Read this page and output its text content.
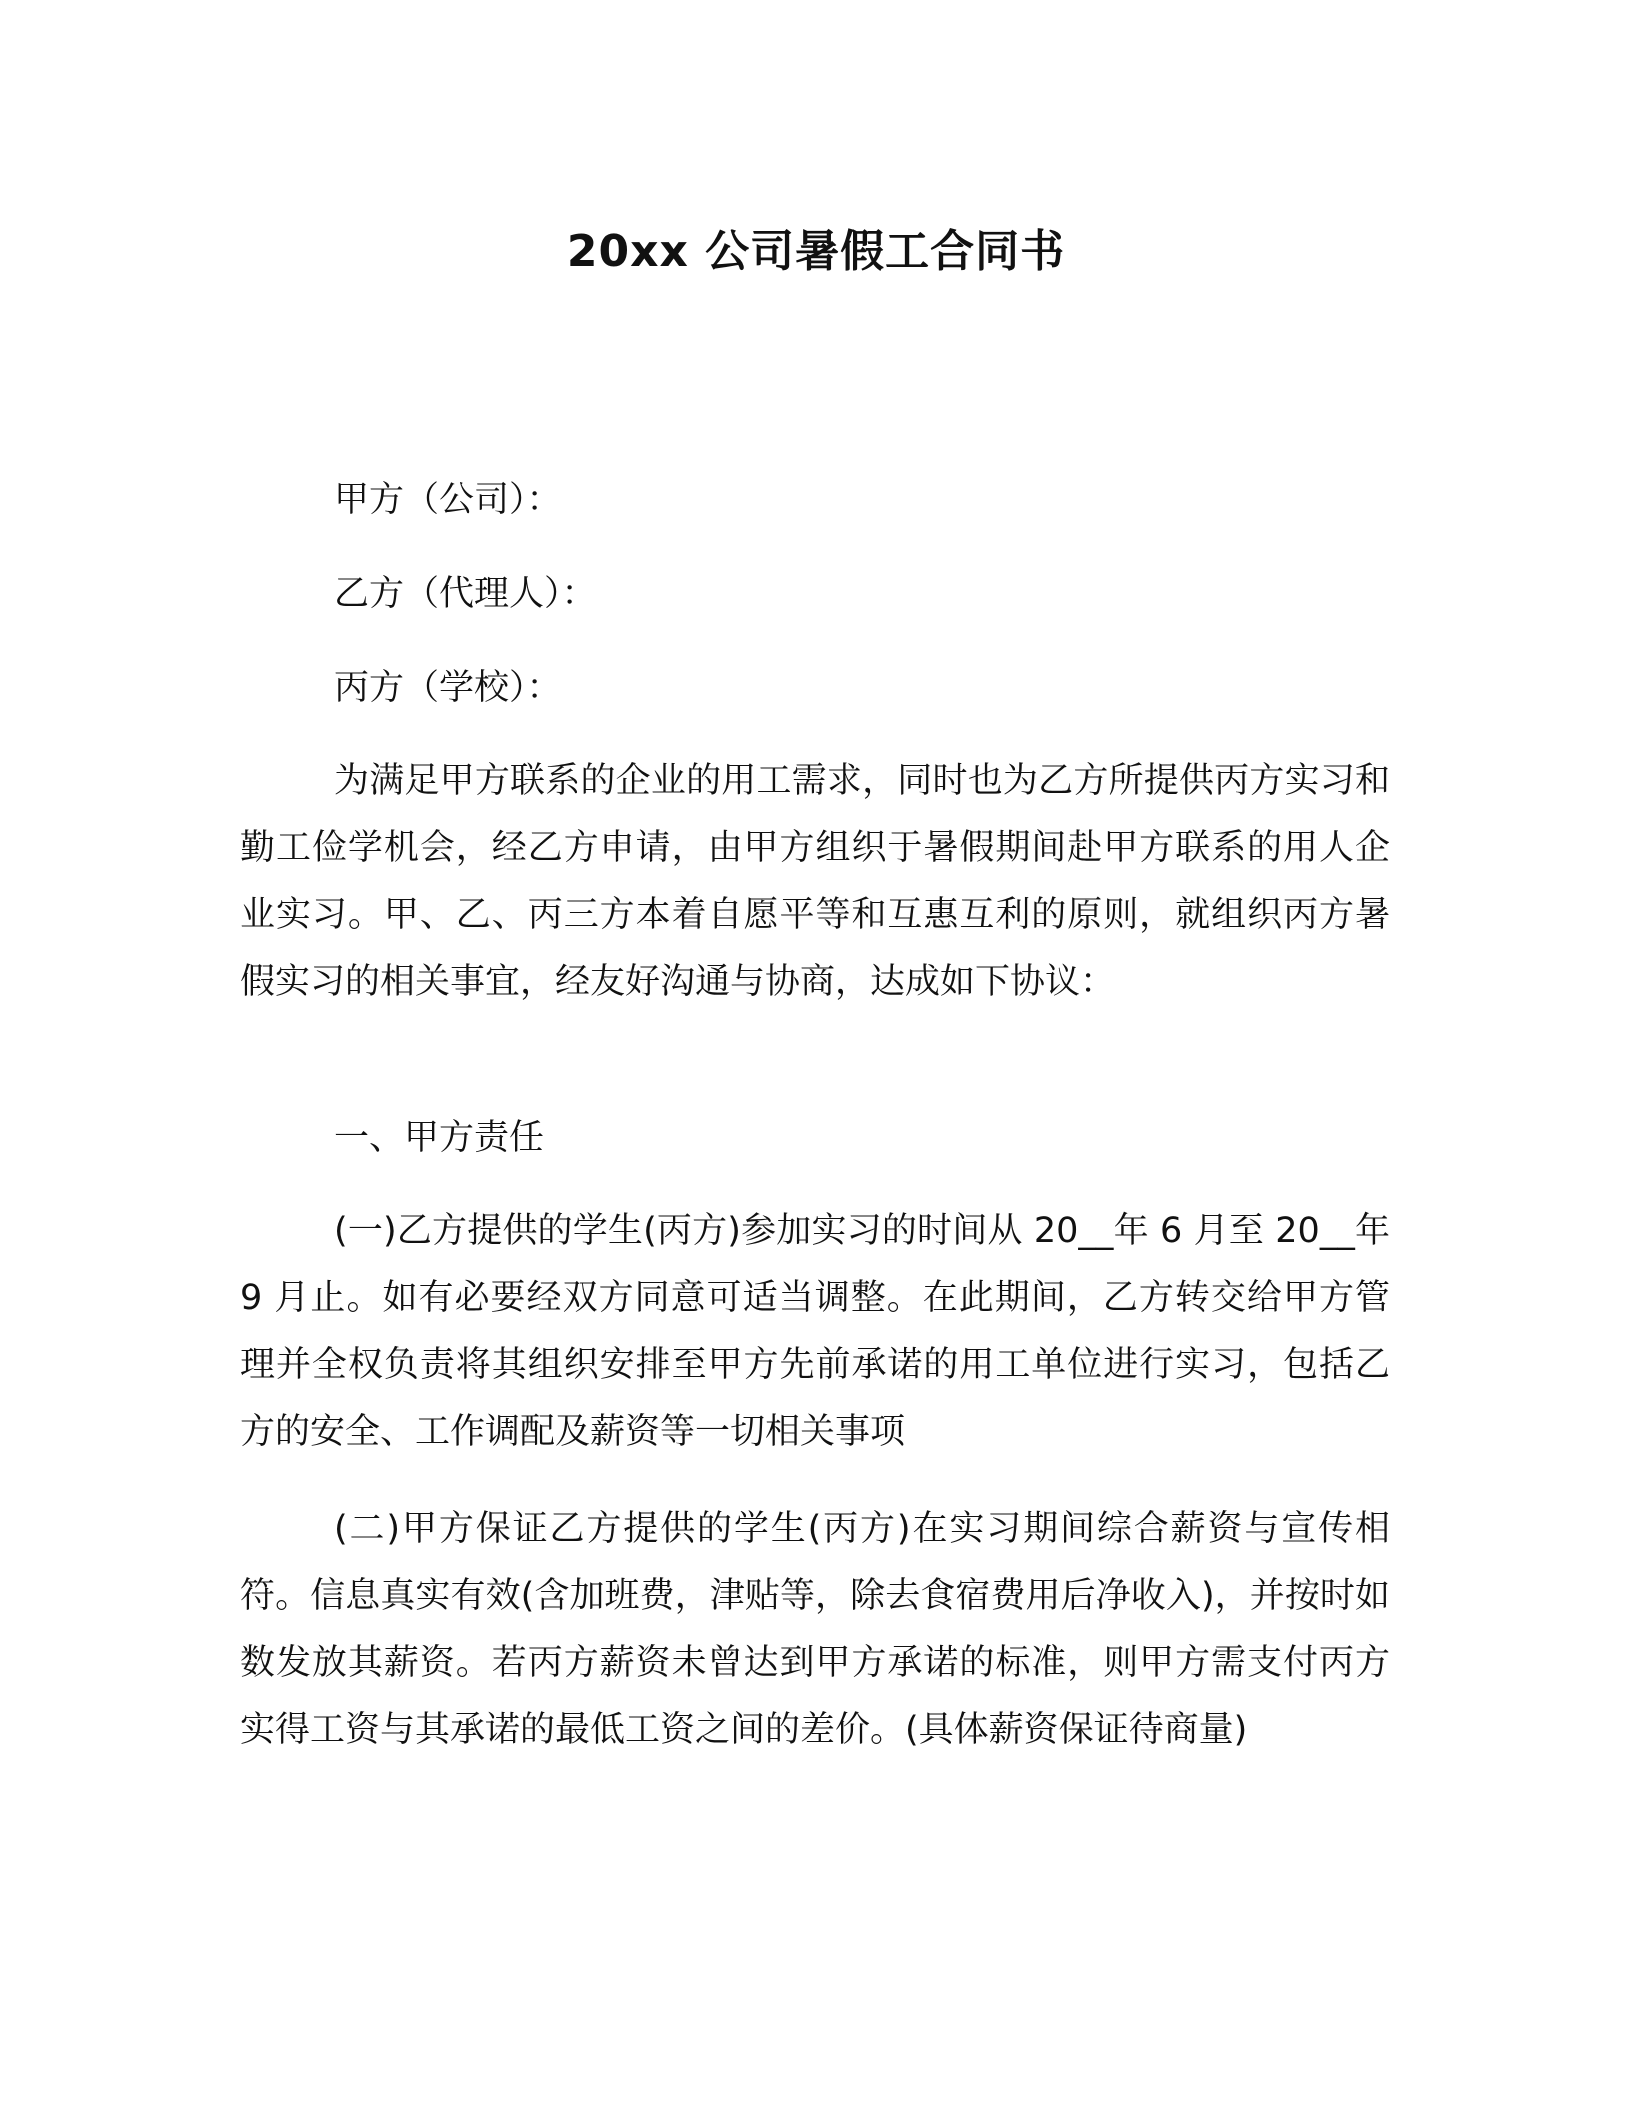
20xx 公司暑假工合同书
甲方（公司）：
乙方（代理人）：
丙方（学校）：

为满足甲方联系的企业的用工需求，同时也为乙方所提供丙方实习和勤工俭学机会，经乙方申请，由甲方组织于暑假期间赴甲方联系的用人企业实习。甲、乙、丙三方本着自愿平等和互惠互利的原则，就组织丙方暑假实习的相关事宜，经友好沟通与协商，达成如下协议：

一、甲方责任

(一)乙方提供的学生(丙方)参加实习的时间从 20__年 6 月至 20__年 9 月止。如有必要经双方同意可适当调整。在此期间，乙方转交给甲方管理并全权负责将其组织安排至甲方先前承诺的用工单位进行实习，包括乙方的安全、工作调配及薪资等一切相关事项

(二)甲方保证乙方提供的学生(丙方)在实习期间综合薪资与宣传相符。信息真实有效(含加班费，津贴等，除去食宿费用后净收入)，并按时如数发放其薪资。若丙方薪资未曾达到甲方承诺的标准，则甲方需支付丙方实得工资与其承诺的最低工资之间的差价。(具体薪资保证待商量)
